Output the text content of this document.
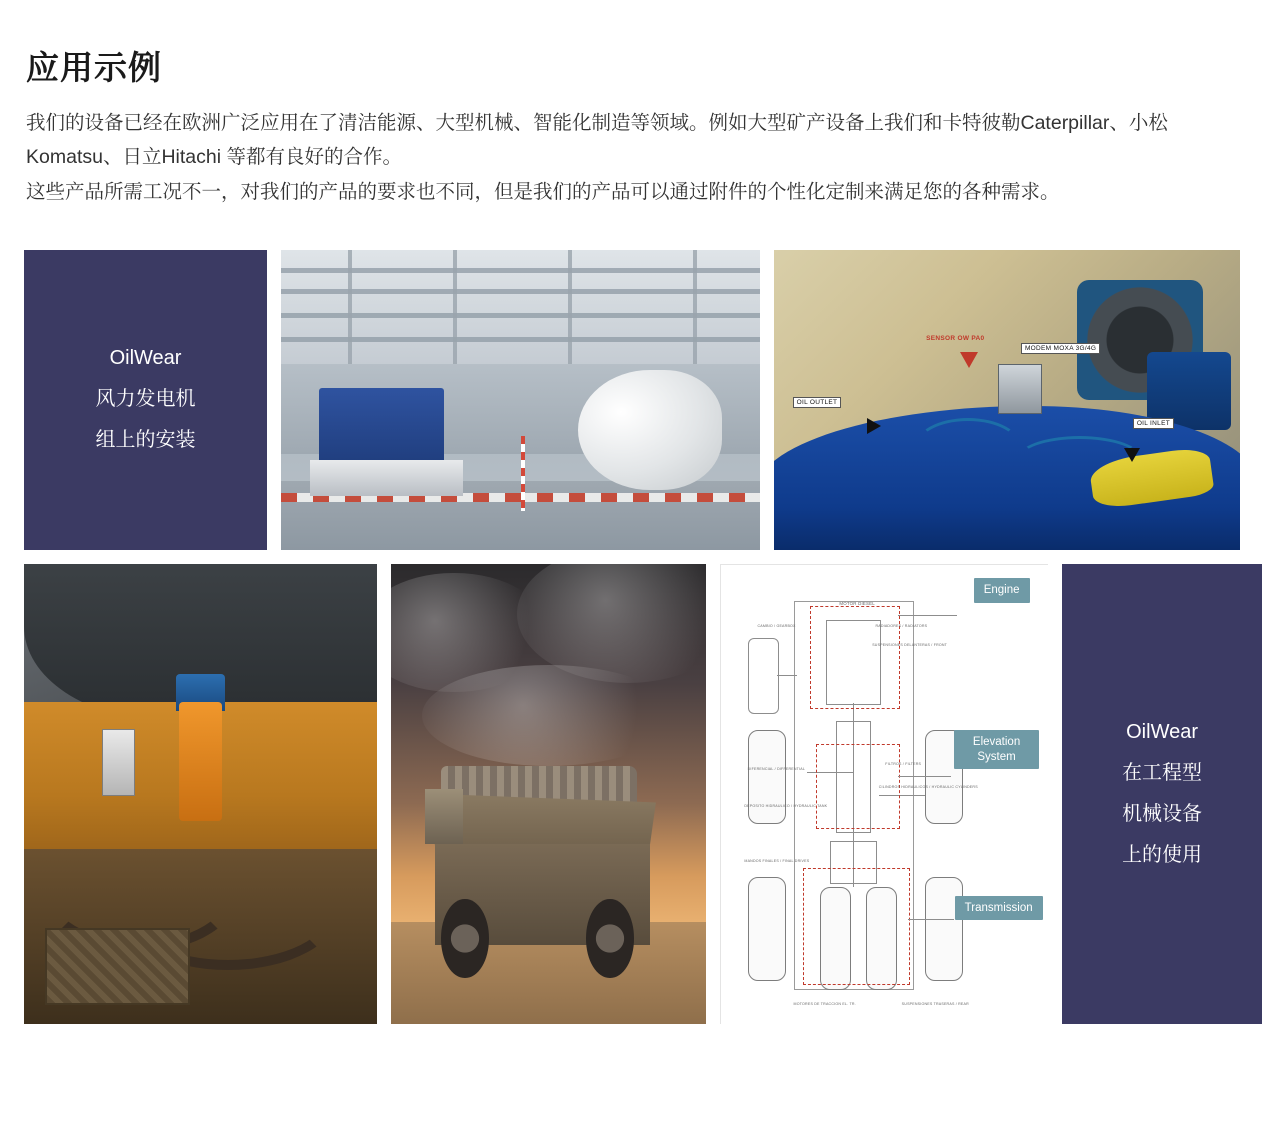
应用示例

我们的设备已经在欧洲广泛应用在了清洁能源、大型机械、智能化制造等领域。例如大型矿产设备上我们和卡特彼勒Caterpillar、小松Komatsu、日立Hitachi 等都有良好的合作。

这些产品所需工况不一，对我们的产品的要求也不同，但是我们的产品可以通过附件的个性化定制来满足您的各种需求。

OilWear
风力发电机
组上的安装
SENSOR OW PA0
MODEM MOXA 3G/4G
OIL OUTLET
OIL INLET
Engine
Elevation System
Transmission
MOTOR DIESEL
CAMBIO / GEARBOX	RADIADORES / RADIATORS
SUSPENSIONES DELANTERAS / FRONT
DIFERENCIAL / DIFFERENTIAL
FILTROS / FILTERS
CILINDROS HIDRAULICOS / HYDRAULIC CYLINDERS
DEPOSITO HIDRAULICO / HYDRAULIC TANK
MANDOS FINALES / FINAL DRIVES
MOTORES DE TRACCION EL. TR.	SUSPENSIONES TRASERAS / REAR
OilWear
在工程型
机械设备
上的使用
